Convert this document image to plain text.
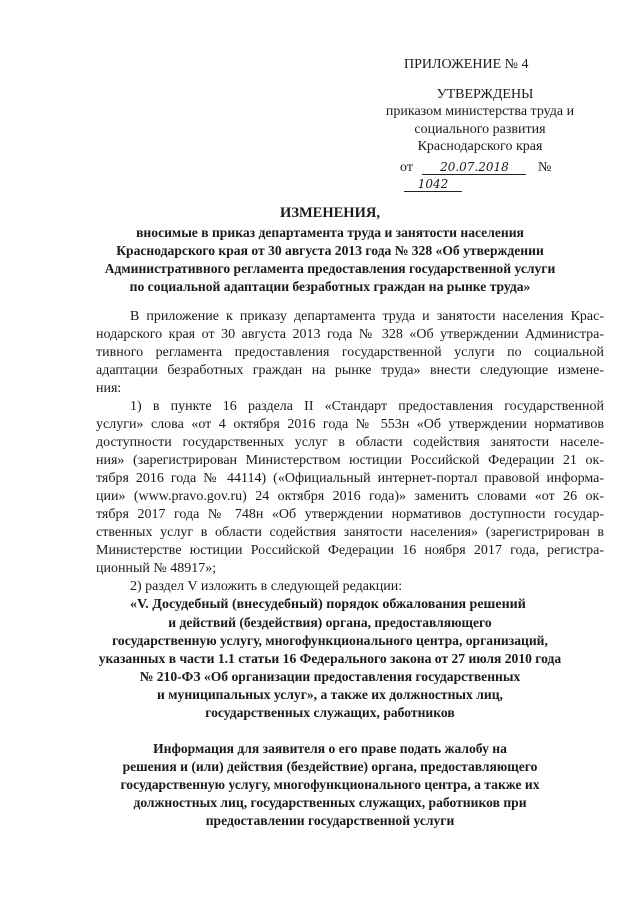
ПРИЛОЖЕНИЕ № 4
УТВЕРЖДЕНЫ
приказом министерства труда и
социального развития
Краснодарского края
от 20.07.2018 № 1042
ИЗМЕНЕНИЯ,
вносимые в приказ департамента труда и занятости населения
Краснодарского края от 30 августа 2013 года № 328 «Об утверждении
Административного регламента предоставления государственной услуги
по социальной адаптации безработных граждан на рынке труда»
В приложение к приказу департамента труда и занятости населения Крас-
нодарского края от 30 августа 2013 года № 328 «Об утверждении Администра-
тивного регламента предоставления государственной услуги по социальной
адаптации безработных граждан на рынке труда» внести следующие измене-
ния:
1) в пункте 16 раздела II «Стандарт предоставления государственной
услуги» слова «от 4 октября 2016 года № 553н «Об утверждении нормативов
доступности государственных услуг в области содействия занятости населе-
ния» (зарегистрирован Министерством юстиции Российской Федерации 21 ок-
тября 2016 года № 44114) («Официальный интернет-портал правовой информа-
ции» (www.pravo.gov.ru) 24 октября 2016 года)» заменить словами «от 26 ок-
тября 2017 года № 748н «Об утверждении нормативов доступности государ-
ственных услуг в области содействия занятости населения» (зарегистрирован в
Министерстве юстиции Российской Федерации 16 ноября 2017 года, регистра-
ционный № 48917»;
2) раздел V изложить в следующей редакции:
«V. Досудебный (внесудебный) порядок обжалования решений
и действий (бездействия) органа, предоставляющего
государственную услугу, многофункционального центра, организаций,
указанных в части 1.1 статьи 16 Федерального закона от 27 июля 2010 года
№ 210-ФЗ «Об организации предоставления государственных
и муниципальных услуг», а также их должностных лиц,
государственных служащих, работников
Информация для заявителя о его праве подать жалобу на
решения и (или) действия (бездействие) органа, предоставляющего
государственную услугу, многофункционального центра, а также их
должностных лиц, государственных служащих, работников при
предоставлении государственной услуги
